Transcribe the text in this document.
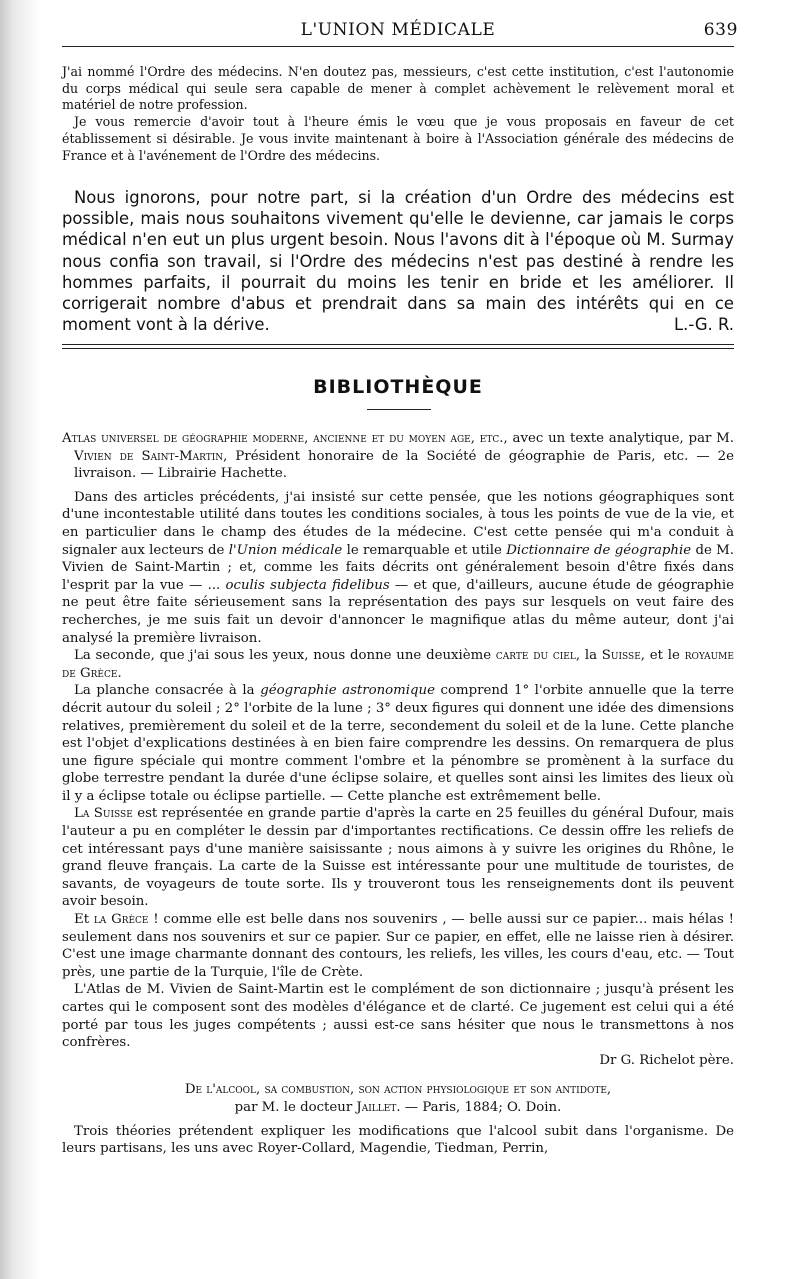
L'UNION MÉDICALE	639

J'ai nommé l'Ordre des médecins. N'en doutez pas, messieurs, c'est cette institution, c'est l'autonomie du corps médical qui seule sera capable de mener à complet achèvement le relèvement moral et matériel de notre profession.

Je vous remercie d'avoir tout à l'heure émis le vœu que je vous proposais en faveur de cet établissement si désirable. Je vous invite maintenant à boire à l'Association générale des médecins de France et à l'avénement de l'Ordre des médecins.

Nous ignorons, pour notre part, si la création d'un Ordre des médecins est possible, mais nous souhaitons vivement qu'elle le devienne, car jamais le corps médical n'en eut un plus urgent besoin. Nous l'avons dit à l'époque où M. Surmay nous confia son travail, si l'Ordre des médecins n'est pas destiné à rendre les hommes parfaits, il pourrait du moins les tenir en bride et les améliorer. Il corrigerait nombre d'abus et prendrait dans sa main des intérêts qui en ce moment vont à la dérive.	L.-G. R.

BIBLIOTHÈQUE

Atlas universel de géographie moderne, ancienne et du moyen age, etc., avec un texte analytique, par M. Vivien de Saint-Martin, Président honoraire de la Société de géographie de Paris, etc. — 2e livraison. — Librairie Hachette.

Dans des articles précédents, j'ai insisté sur cette pensée, que les notions géographiques sont d'une incontestable utilité dans toutes les conditions sociales, à tous les points de vue de la vie, et en particulier dans le champ des études de la médecine. C'est cette pensée qui m'a conduit à signaler aux lecteurs de l'Union médicale le remarquable et utile Dictionnaire de géographie de M. Vivien de Saint-Martin ; et, comme les faits décrits ont généralement besoin d'être fixés dans l'esprit par la vue — ... oculis subjecta fidelibus — et que, d'ailleurs, aucune étude de géographie ne peut être faite sérieusement sans la représentation des pays sur lesquels on veut faire des recherches, je me suis fait un devoir d'annoncer le magnifique atlas du même auteur, dont j'ai analysé la première livraison.

La seconde, que j'ai sous les yeux, nous donne une deuxième carte du ciel, la Suisse, et le royaume de Grèce.

La planche consacrée à la géographie astronomique comprend 1° l'orbite annuelle que la terre décrit autour du soleil ; 2° l'orbite de la lune ; 3° deux figures qui donnent une idée des dimensions relatives, premièrement du soleil et de la terre, secondement du soleil et de la lune. Cette planche est l'objet d'explications destinées à en bien faire comprendre les dessins. On remarquera de plus une figure spéciale qui montre comment l'ombre et la pénombre se promènent à la surface du globe terrestre pendant la durée d'une éclipse solaire, et quelles sont ainsi les limites des lieux où il y a éclipse totale ou éclipse partielle. — Cette planche est extrêmement belle.

La Suisse est représentée en grande partie d'après la carte en 25 feuilles du général Dufour, mais l'auteur a pu en compléter le dessin par d'importantes rectifications. Ce dessin offre les reliefs de cet intéressant pays d'une manière saisissante ; nous aimons à y suivre les origines du Rhône, le grand fleuve français. La carte de la Suisse est intéressante pour une multitude de touristes, de savants, de voyageurs de toute sorte. Ils y trouveront tous les renseignements dont ils peuvent avoir besoin.

Et la Grèce ! comme elle est belle dans nos souvenirs , — belle aussi sur ce papier... mais hélas ! seulement dans nos souvenirs et sur ce papier. Sur ce papier, en effet, elle ne laisse rien à désirer. C'est une image charmante donnant des contours, les reliefs, les villes, les cours d'eau, etc. — Tout près, une partie de la Turquie, l'île de Crète.

L'Atlas de M. Vivien de Saint-Martin est le complément de son dictionnaire ; jusqu'à présent les cartes qui le composent sont des modèles d'élégance et de clarté. Ce jugement est celui qui a été porté par tous les juges compétents ; aussi est-ce sans hésiter que nous le transmettons à nos confrères.

Dr G. Richelot père.

De l'alcool, sa combustion, son action physiologique et son antidote,

par M. le docteur Jaillet. — Paris, 1884; O. Doin.

Trois théories prétendent expliquer les modifications que l'alcool subit dans l'organisme. De leurs partisans, les uns avec Royer-Collard, Magendie, Tiedman, Perrin,
